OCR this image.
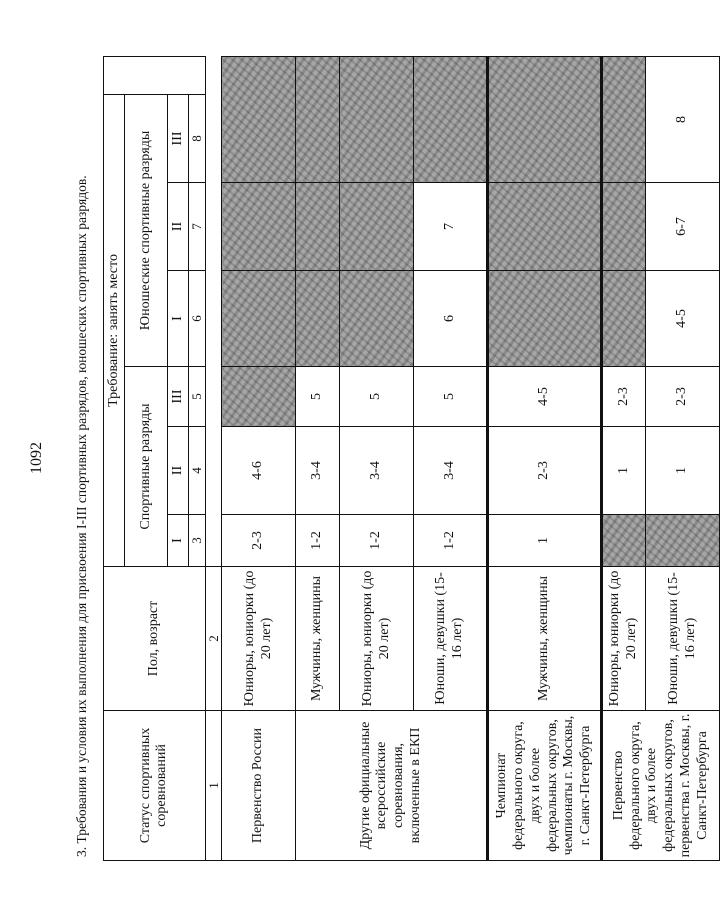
1092 3. Требования и условия их выполнения для присвоения I-III спортивных разрядов, юношеских спортивных разрядов.	Статус спортивных соревнований	Пол, возраст	Требование: занять место						
		Спортивные разряды			Юношеские спортивные разряды			
		I	II	III	I	II	III	
		3	4	5	6	7	8	
1	2							
Первенство России	Юниоры, юниорки (до 20 лет)	2-3	4-6					
Другие официальные всероссийские соревнования, включенные в ЕКП	Мужчины, женщины	1-2	3-4	5				
	Юниоры, юниорки (до 20 лет)	1-2	3-4	5				
	Юноши, девушки (15-16 лет)	1-2	3-4	5	6	7		
Чемпионат федерального округа, двух и более федеральных округов, чемпионаты г. Москвы, г. Санкт-Петербурга	Мужчины, женщины	1	2-3	4-5				
Первенство федерального округа, двух и более федеральных округов, первенства г. Москвы, г. Санкт-Петербурга	Юниоры, юниорки (до 20 лет)		1	2-3				
	Юноши, девушки (15-16 лет)		1	2-3	4-5	6-7	8	
